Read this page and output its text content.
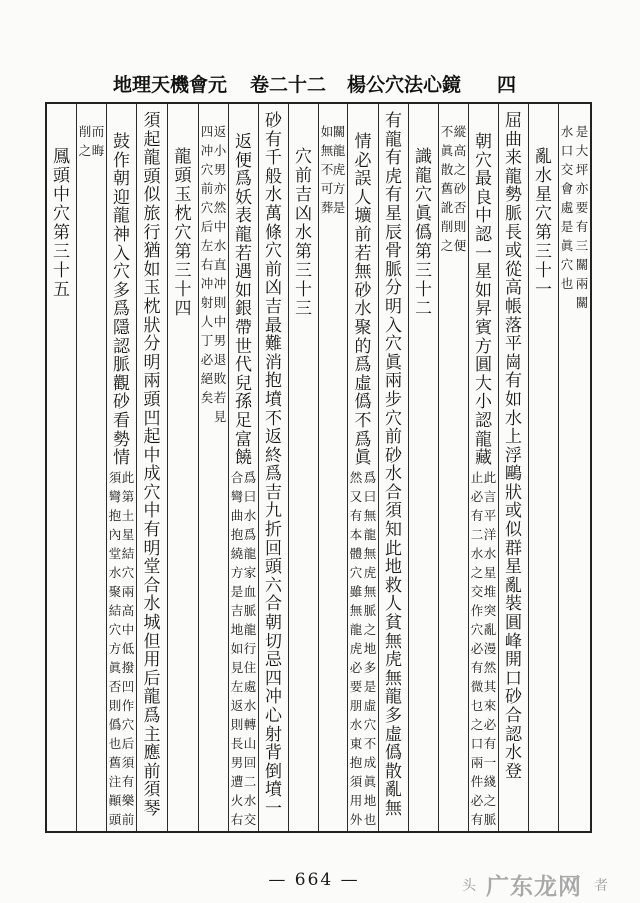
地理天機會元 卷二十二 楊公穴法心鏡 四
是
大
坪
亦
要
有
三
關
兩
關
水
口
交
會
處
是
眞
穴
也
亂
水
星
穴
第
三
十
一
屈
曲
来
龍
勢
脈
長
或
從
高
帳
落
平
崗
有
如
水
上
浮
鷗
狀
或
似
群
星
亂
裝
圓
峰
開
口
砂
合
認
水
登
朝
穴
最
良
中
認
一
星
如
昇
賓
方
圓
大
小
認
龍
藏
此
言
平
洋
水
星
堆
突
亂
漫
然
其
來
必
有
一
綫
之
脈
止
必
有
二
水
之
交
作
穴
必
有
微
乜
之
口
兩
件
必
有
縱
高
之
砂
否
則
便
不
眞
散
舊
訛
削
之
識
龍
穴
眞
僞
第
三
十
二
有
龍
有
虎
有
星
辰
骨
脈
分
明
入
穴
眞
兩
步
穴
前
砂
水
合
須
知
此
地
救
人
貧
無
虎
無
龍
多
虛
僞
散
亂
無
情
必
誤
人
壙
前
若
無
砂
水
聚
的
爲
虛
僞
不
爲
眞
爲
曰
無
龍
無
虎
無
脈
之
地
多
是
虛
穴
不
成
眞
地
也
然
又
有
本
體
穴
雖
無
龍
虎
必
要
朋
水
東
抱
須
用
外
關
龍
虎
方
是
如
無
不
可
葬
穴
前
吉
凶
水
第
三
十
三
砂
有
千
般
水
萬
條
穴
前
凶
吉
最
難
消
抱
墳
不
返
終
爲
吉
九
折
回
頭
六
合
朝
切
忌
四
冲
心
射
背
倒
墳
一
返
便
爲
妖
表
龍
若
遇
如
銀
帶
世
代
兒
孫
足
富
饒
爲
曰
水
爲
龍
家
血
脈
龍
行
住
處
水
轉
山
回
二
水
交
合
彎
曲
抱
繞
方
是
吉
地
如
見
左
返
則
長
男
遭
火
右
返
小
男
亦
然
中
水
直
冲
則
中
男
退
敗
若
見
四
冲
穴
前
穴
后
左
右
冲
射
人
丁
必
絕
矣
龍
頭
玉
枕
穴
第
三
十
四
須
起
龍
頭
似
旅
行
猶
如
玉
枕
狀
分
明
兩
頭
凹
起
中
成
穴
中
有
明
堂
合
水
城
但
用
后
龍
爲
主
應
前
須
琴
鼓
作
朝
迎
龍
神
入
穴
多
爲
隱
認
脈
觀
砂
看
勢
情
此
第
土
星
結
穴
兩
高
中
低
撥
凹
作
穴
后
須
有
樂
前
須
彎
抱
內
堂
水
聚
結
穴
方
眞
否
則
僞
也
舊
注
顚
頭
而
晦
削
之
鳳
頭
中
穴
第
三
十
五
— 664 —	头 广东龙网 者
